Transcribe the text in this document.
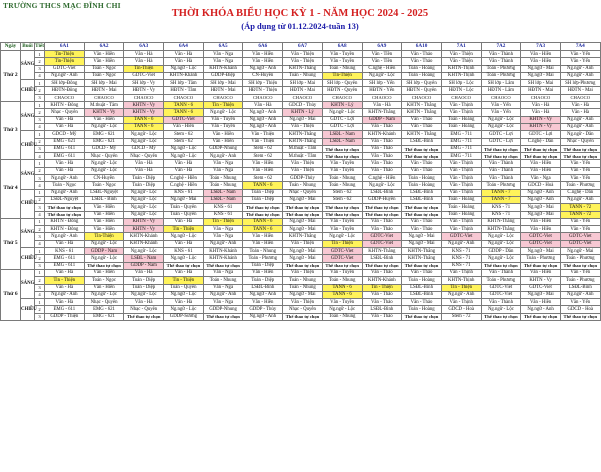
TRƯỜNG THCS MẠC ĐĨNH CHI
THỜI KHÓA BIỂU HỌC KỲ 1 - NĂM HỌC 2024 - 2025
(Áp dụng từ 01.12.2024-tuần 13)
Ngày	Buổi	Tiết	6A1	6A2	6A3	6A4	6A5	6A6	6A7	6A8	6A9	6A10	7A1	7A2	7A3	7A4
Thứ 2	SÁNG	1	Tin-Thiện	Văn - Hiền	Văn - Hà	Văn - Hà	Văn - Nga	Văn - Hiền	Văn - Thiện	Văn - Tuyền	Văn - Tiền	Văn - Thảo	Văn - Thiện	Văn - Thành	Văn - Hiền	Văn - Yến
		2	Tin-Thiện	Văn - Hiền	Văn - Hà	Văn - Hà	Văn - Nga	Văn - Hiền	Văn - Thiện	Văn - Tuyền	Văn - Tiền	Văn - Thảo	Văn - Thiện	Văn - Thành	Văn - Hiền	Văn - Yến
		3	GDTC-Viet	Toán - Ngọc	Tin-Thiện	Ng.ngữ - Lộc	KHTN-Khánh	Ng.ngữ - Anh	KHTN-Thắng	Toán - Nhung	C.nghệ - Hiền	Toán - Hoàng	KHTN-Thịnh	Toán - Phương	Ng.ngữ - Mai	Ng.ngữ - Anh
		4	Ng.ngữ - Anh	Toán - Ngọc	GDTC-Viet	KHTN-Khánh	GDDP-Điệp	CN-Huyền	Toán - Nhung	Tin-Thiện	Ng.ngữ - Lộc	Toán - Hoàng	KHTN-Thịnh	Toán - Phương	Ng.ngữ - Mai	Ng.ngữ - Anh
	CHIỀU	1	SH lớp-Đông	SH lớp - Mai	SH lớp - Vy	SH lớp - Tâm	SH lớp - Mai	SH lớp - Thiện	SH lớp - Mai	SH lớp - Quyên	SH lớp - Yến	SH lớp - Quyên	SH lớp - Lộc	SH lớp - Lâm	SH lớp - Mai	SH lớp-Phương
		2	HĐTN-Đông	HĐTN - Mai	HĐTN - Vy	HĐTN - Tâm	HĐTN - Mai	HĐTN - Thiện	HĐTN - Mai	HĐTN - Quyên	HĐTN - Yến	HĐTN - Quyên	HĐTN - Lộc	HĐTN - Lâm	HĐTN - Mai	HĐTN - Mai
		3	CHAOCO	CHAOCO	CHAOCO	CHAOCO	CHAOCO	CHAOCO	CHAOCO	CHAOCO	CHAOCO	CHAOCO	CHAOCO	CHAOCO	CHAOCO	CHAOCO
Thứ 3	SÁNG	1	KHTN - Đông	M.thuật - Tâm	KHTN - Vy	TANN - 6	Tin - Thiện	Văn - Hà	GDCD - Thủy	KHTN - Lý	Văn - Hà	KHTN - Thắng	Văn - Thịnh	Văn - Yến	Văn - Hà	Văn - Hà
		2	Nhạc - Quyên	KHTN - Vy	KHTN - Vy	TANN - 6	Ng.ngữ - Lộc	Ng.ngữ - Anh	KHTN - Lý	Ng.ngữ - Lộc	KHTN-Thắng	KHTN - Thắng	Văn - Thịnh	Văn - Yến	Văn - Hà	Văn - Hà
		3	Văn - Hà	Văn - Hiền	TANN - 6	GDTC-Viet	Văn - Tuyền	Ng.ngữ - Anh	Ng.ngữ - Mai	GDTC - Lợi	GDDP - Nam	Văn - Thảo	Toán - Hoàng	Ng.ngữ - Lộc	KHTN - Vy	Ng.ngữ - Anh
		4	Văn - Hà	Ng.ngữ - Lộc	TANN - 6	Văn - Hiền	Văn - Tuyền	Ng.ngữ - Anh	Văn - Thiện	GDTC - Lợi	Văn - Thảo	Văn - Thảo	Toán - Hoàng	Ng.ngữ - Lộc	KHTN - Vy	Ng.ngữ - Anh
	CHIỀU	1	GDCD - Mỹ	EMG - 621	Ng.ngữ - Lộc	Stem - 62	Văn - Hiền	Văn - Thiện	KHTN-Thắng	LSĐL - Nam	KHTN-Khánh	KHTN - Thắng	EMG - 711	GDTC - Lợi	GDTC - Lợi	Ng.ngữ - Dân
		2	EMG - 621	EMG - 621	Ng.ngữ - Lộc	Stem - 62	Văn - Hiền	Văn - Thiện	KHTN-Thắng	LSĐL - Nam	Văn - Thảo	LSĐL-Bình	EMG - 711	GDTC - Lợi	C.nghệ - Dân	Nhạc - Quyên
		3	EMG - 611	GDCD - Mỹ	GDCD - Mỹ	Ng.ngữ - Lộc	GDDP-Nhung	Stem - 62	M.thuật - Tâm	Thể thao tự chọn	Văn - Thảo	Thể thao tự chọn	EMG - 711	Thể thao tự chọn	Thể thao tự chọn	Thể thao tự chọn
		4	EMG - 611	Nhạc - Quyên	Nhạc - Quyên	Ng.ngữ - Lộc	Ng.ngữ - Anh	Stem - 62	M.thuật - Tâm	Thể thao tự chọn	Văn - Thảo	Thể thao tự chọn	EMG - 711	Thể thao tự chọn	Thể thao tự chọn	Thể thao tự chọn
Thứ 4	SÁNG	1	Văn - Hà	Ng.ngữ - Lộc	Văn - Hà	Văn - Hà	Văn - Nga	Văn - Hiền	Văn - Thiện	Văn - Tuyền	Văn - Thảo	Văn - Thảo	Văn - Thịnh	Văn - Thành	Văn - Hiền	Văn - Yến
		2	Văn - Hà	Ng.ngữ - Lộc	Văn - Hà	Văn - Hà	Văn - Nga	Văn - Hiền	Văn - Thiện	Văn - Tuyền	Văn - Thảo	Văn - Thảo	Văn - Thịnh	Văn - Thành	Văn - Hiền	Văn - Yến
		3	Ng.ngữ - Anh	CN-Huyền	Toán - Diệp	C.nghệ - Hiền	Toán - Nhung	Stem - 62	GDDP-Thủy	Toán - Nhung	C.nghệ - Hiền	Toán - Hoàng	Văn - Thịnh	Văn - Thành	Văn - Nga	Văn - Yến
		4	Toán - Ngọc	Toán - Ngọc	Toán - Diệp	C.nghệ - Hiền	Toán - Nhung	TANN - 6	Toán - Nhung	Toán - Nhung	Ng.ngữ - Lộc	Toán - Hoàng	Văn - Thịnh	Toán - Phương	GDCD - Hoà	Toán - Phương
	CHIỀU	1	Ng.ngữ - Anh	LSĐL-Nguyệt	Ng.ngữ - Lộc	KNS - 61	LSĐL - Nam	Toán - Diệp	Nhạc - Quyên	Stem - 62	LSĐL-Bình	LSĐL-Bình	Văn - Thịnh	TANN - 7	Ng.ngữ - Anh	C.nghệ - Dân
		2	LSĐL-Nguyệt	LSĐL - Bình	Ng.ngữ - Lộc	Ng.ngữ - Mai	LSĐL - Nam	Toán - Diệp	Ng.ngữ - Mai	Stem - 62	GDDP-Huyền	LSĐL-Bình	Toán - Hoàng	TANN - 7	Ng.ngữ - Anh	Ng.ngữ - Anh
		3	Thể thao tự chọn	Văn - Hiền	Ng.ngữ - Lộc	Toán - Quyên	KNS - 61	Thể thao tự chọn	Thể thao tự chọn	Thể thao tự chọn	Thể thao tự chọn	Thể thao tự chọn	Toán - Hoàng	KNS - 71	Ng.ngữ - Mai	TANN - 72
		4	Thể thao tự chọn	Văn - Hiền	Ng.ngữ - Lộc	Toán - Quyên	KNS - 61	Thể thao tự chọn	Thể thao tự chọn	Thể thao tự chọn	Thể thao tự chọn	Thể thao tự chọn	Toán - Hoàng	KNS - 71	Ng.ngữ - Mai	TANN - 72
Thứ 5	SÁNG	1	KHTN - Đông	Văn - Hiền	KHTN - Vy	Văn - Hà	Tin - Thiện	TANN - 6	Ng.ngữ - Mai	Văn - Tuyền	Văn - Thảo	Văn - Thảo	Văn - Thịnh	KHTN-Thắng	Văn - Hiền	Văn - Yến
		2	KHTN - Đông	Văn - Hiền	KHTN - Vy	Tin - Thiện	Văn - Nga	TANN - 6	Ng.ngữ - Mai	Văn - Tuyền	Văn - Thảo	Văn - Thảo	Văn - Thịnh	KHTN-Thắng	Văn - Hiền	Văn - Yến
		3	Ng.ngữ - Anh	Tin-Thiện	KHTN-Khánh	Ng.ngữ - Lộc	Văn - Nga	Văn - Hiền	KHTN-Thắng	Ng.ngữ - Lộc	GDTC-Viet	Ng.ngữ - Mai	GDTC-Viet	Ng.ngữ - Lộc	GDTC-Viet	GDTC-Viet
		4	Văn - Hà	Ng.ngữ - Lộc	KHTN-Khánh	Văn - Hà	Ng.ngữ - Anh	Văn - Hiền	Văn - Thiện	Tin - Thiện	GDTC-Viet	Ng.ngữ - Mai	Ng.ngữ - Anh	Ng.ngữ - Lộc	GDTC-Viet	GDTC-Viet
	CHIỀU	1	KNS - 61	GDDP - Nam	Ng.ngữ - Lộc	KNS - 61	KHTN-Khánh	Toán - Nhung	Ng.ngữ - Mai	GDTC-Viet	KHTN-Thắng	KHTN-Thắng	KNS - 71	GDDP - Dân	Ng.ngữ - Mai	Ng.ngữ - Mai
		2	EMG - 611	Ng.ngữ - Lộc	LSĐL - Nam	Ng.ngữ - Lộc	KHTN-Khánh	Toán - Phương	Ng.ngữ - Mai	GDTC-Viet	LSĐL-Bình	KHTN-Thắng	KNS - 71	Ng.ngữ - Lộc	Toán - Phương	Toán - Phương
		3	EMG - 611	Thể thao tự chọn	GDDP - Nam	Thể thao tự chọn	Thể thao tự chọn	Toán - Diệp	Thể thao tự chọn	Thể thao tự chọn	Thể thao tự chọn	Thể thao tự chọn	KNS - 71	Thể thao tự chọn	Thể thao tự chọn	Thể thao tự chọn
Thứ 6	SÁNG	1	Văn - Hà	Văn - Hiền	Văn - Hà	Văn - Hà	Văn - Nga	Văn - Hiền	Văn - Thiện	Văn - Tuyền	Văn - Thảo	Văn - Thảo	Văn - Thịnh	Văn - Thành	Văn - Hiền	Văn - Yến
		2	Tin - Thiện	Toán - Ngọc	Toán - Diệp	Tin - Thiện	Toán - Nhung	Toán - Diệp	Toán - Nhung	Toán - Nhung	KHTN-Khánh	Toán - Hoàng	KHTN-Thịnh	Toán - Phương	KHTN - Vy	Toán - Phương
		3	Văn - Hà	Văn - Hiền	Toán - Diệp	Toán - Quyên	Văn - Nga	LSĐL-Bình	Toán - Nhung	TANN - 6	Tin - Thiện	LSĐL-Bình	Tin - Thiện	GDTC-Viet	GDTC-Viet	LSĐL-Bình
		4	Ng.ngữ - Anh	Ng.ngữ - Lộc	Ng.ngữ - Lộc	Ng.ngữ - Lộc	Ng.ngữ - Anh	Ng.ngữ - Anh	Ng.ngữ - Mai	TANN - 6	Văn - Thảo	LSĐL-Bình	Ng.ngữ - Anh	GDTC-Viet	Ng.ngữ - Mai	Ng.ngữ - Anh
	CHIỀU	1	Văn - Hà	Nhạc - Quyên	Văn - Hà	Văn - Hà	Văn - Nga	Văn - Hiền	Văn - Thiện	Văn - Tuyền	Văn - Thảo	Văn - Thảo	Văn - Thịnh	Văn - Thành	Văn - Hiền	Văn - Yến
		2	EMG - 611	EMG - 621	Nhạc - Quyên	Ng.ngữ - Lộc	GDDP-Nhung	GDDP - Thủy	Nhạc - Quyên	Ng.ngữ - Lộc	LSĐL-Bình	Toán - Hoàng	GDCD - Hoà	Ng.ngữ - Lộc	Ng.ngữ - Anh	GDCD - Hoà
		3	GDDP - Thiện	EMG - 621	Thể thao tự chọn	GDDP-Sương	Thể thao tự chọn	Ng.ngữ - Anh	Thể thao tự chọn	Toán - Nhung	Văn - Thảo	Thể thao tự chọn	Stem - 72	Thể thao tự chọn	Thể thao tự chọn	Thể thao tự chọn
